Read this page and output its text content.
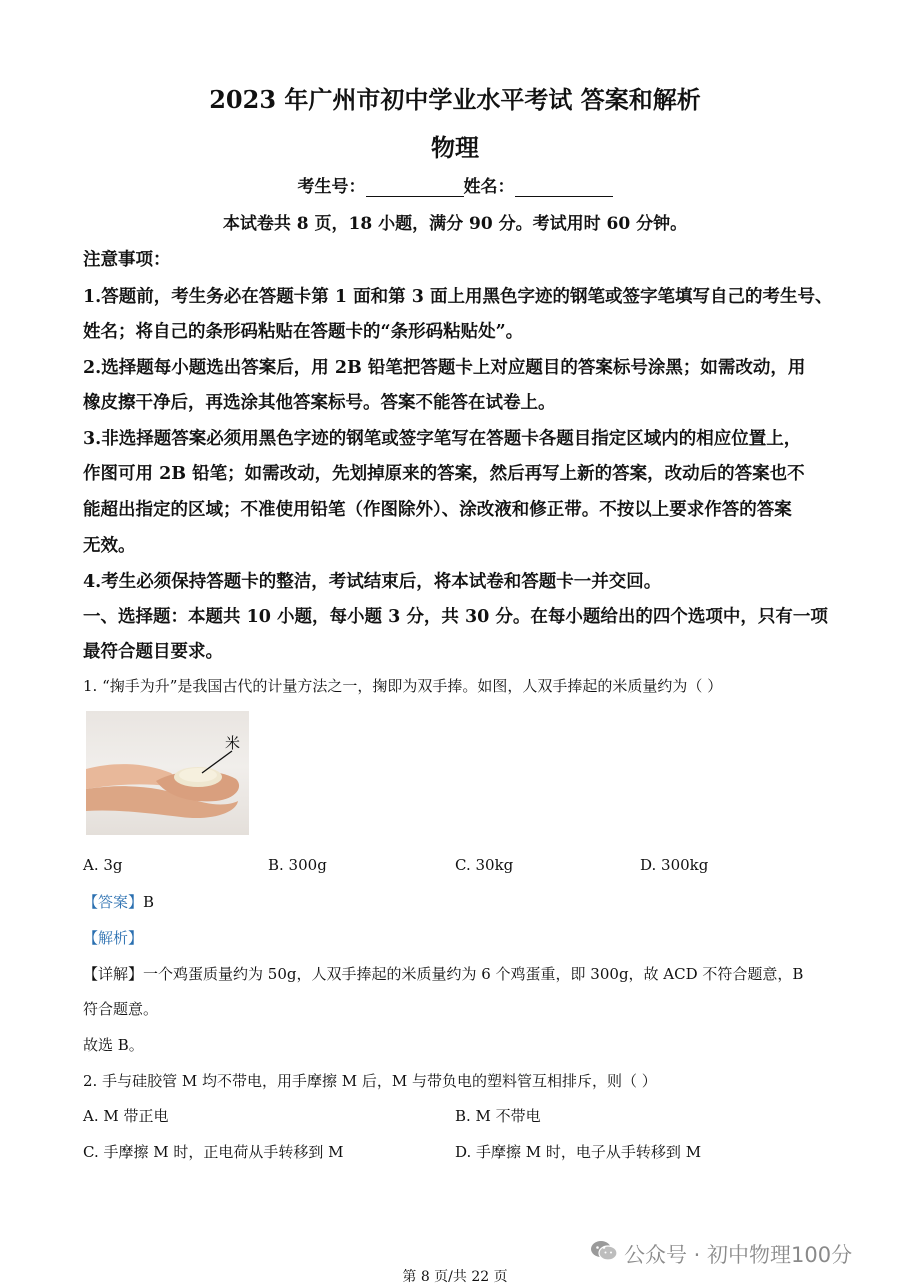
2023 年广州市初中学业水平考试 答案和解析
物理
考生号：	姓名：
本试卷共 8 页，18 小题，满分 90 分。考试用时 60 分钟。
注意事项：
1.答题前，考生务必在答题卡第 1 面和第 3 面上用黑色字迹的钢笔或签字笔填写自己的考生号、
姓名；将自己的条形码粘贴在答题卡的“条形码粘贴处”。
2.选择题每小题选出答案后，用 2B 铅笔把答题卡上对应题目的答案标号涂黑；如需改动，用
橡皮擦干净后，再选涂其他答案标号。答案不能答在试卷上。
3.非选择题答案必须用黑色字迹的钢笔或签字笔写在答题卡各题目指定区域内的相应位置上，
作图可用 2B 铅笔；如需改动，先划掉原来的答案，然后再写上新的答案，改动后的答案也不
能超出指定的区域；不准使用铅笔（作图除外）、涂改液和修正带。不按以上要求作答的答案
无效。
4.考生必须保持答题卡的整洁，考试结束后，将本试卷和答题卡一并交回。
一、选择题：本题共 10 小题，每小题 3 分，共 30 分。在每小题给出的四个选项中，只有一项
最符合题目要求。
1. “掬手为升”是我国古代的计量方法之一，掬即为双手捧。如图，人双手捧起的米质量约为（ ）
米
A. 3g	B. 300g	C. 30kg	D. 300kg
【答案】B
【解析】
【详解】一个鸡蛋质量约为 50g，人双手捧起的米质量约为 6 个鸡蛋重，即 300g，故 ACD 不符合题意，B
符合题意。
故选 B。
2. 手与硅胶管 M 均不带电，用手摩擦 M 后，M 与带负电的塑料管互相排斥，则（ ）
A. M 带正电	B. M 不带电
C. 手摩擦 M 时，正电荷从手转移到 M	D. 手摩擦 M 时，电子从手转移到 M
公众号 · 初中物理100分
第 8 页/共 22 页
